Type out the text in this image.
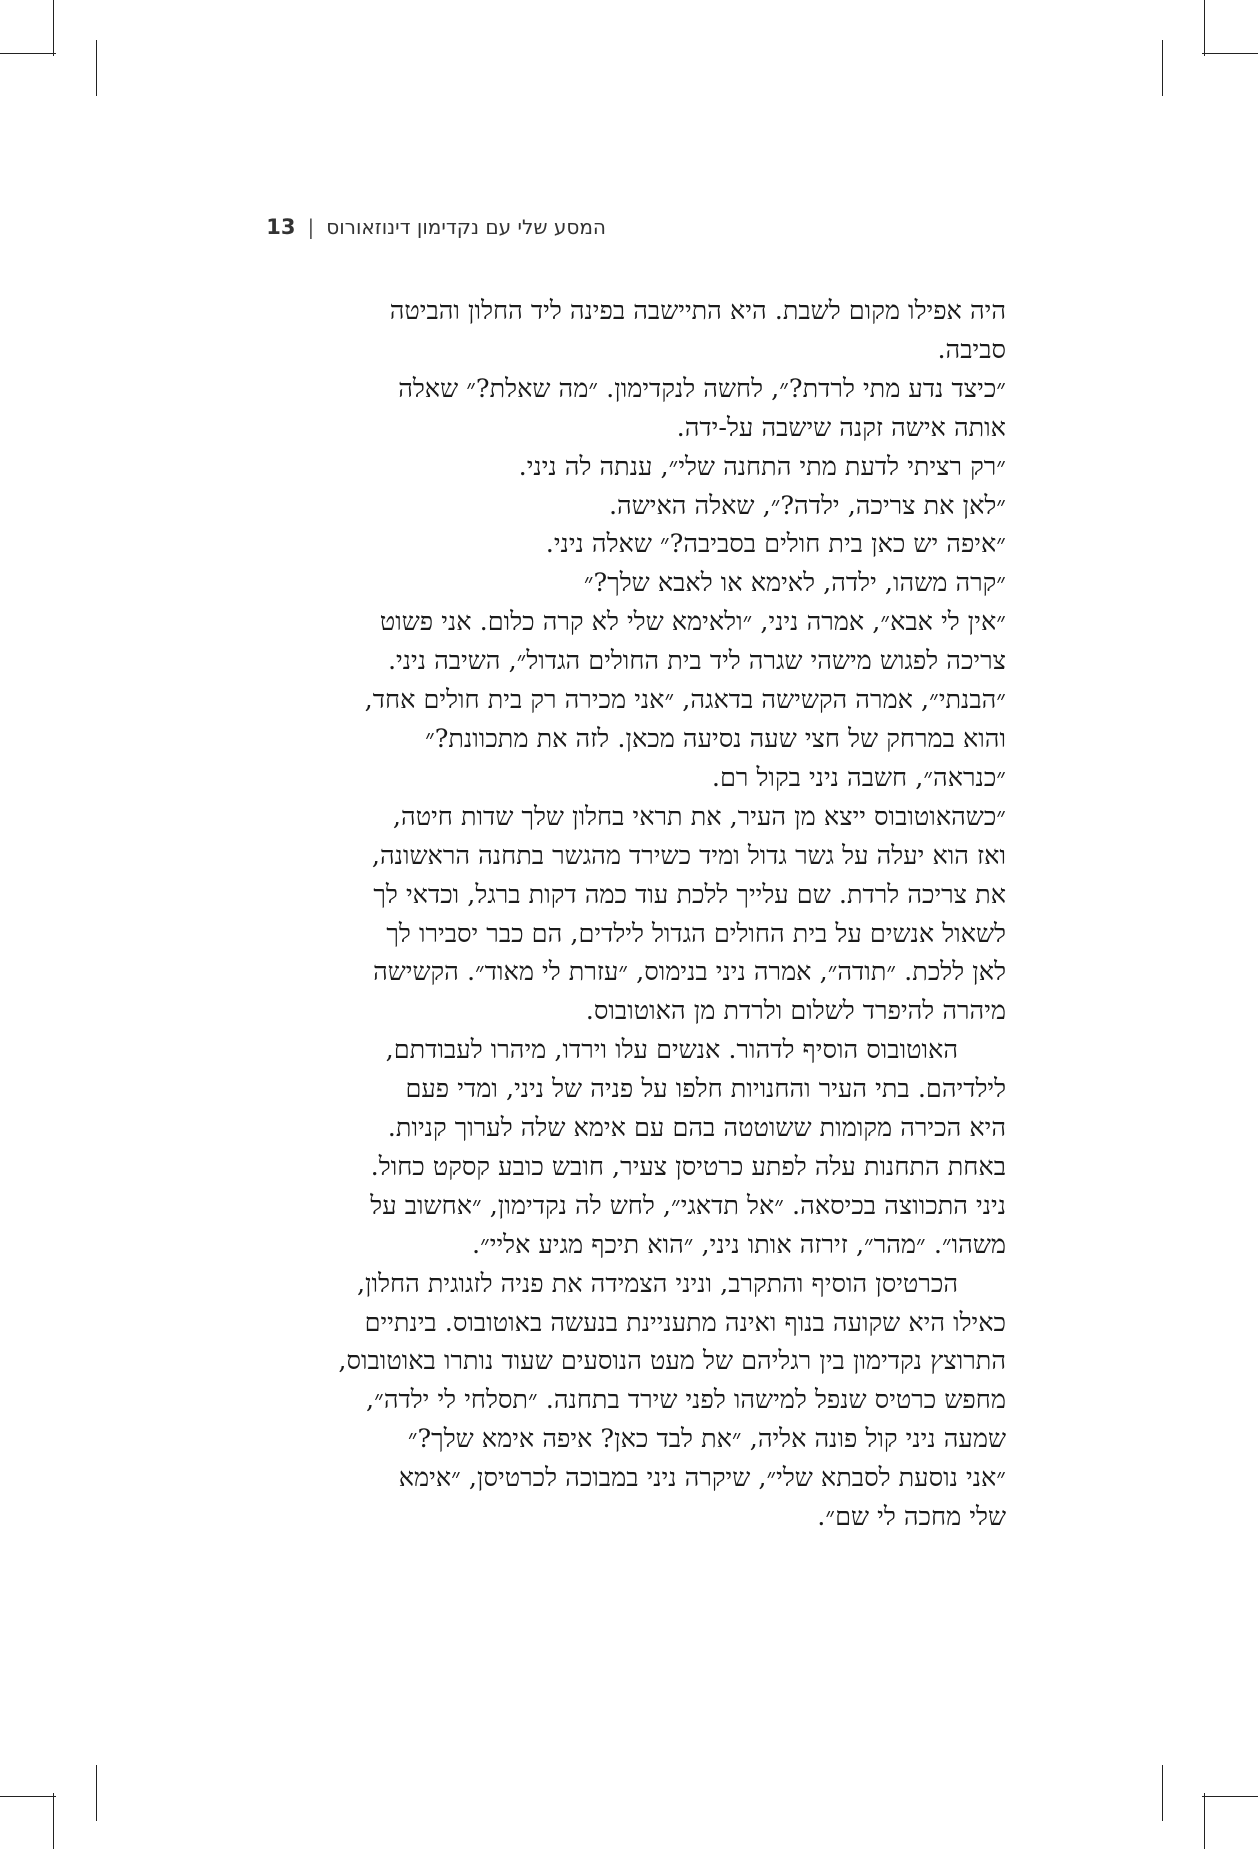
המסע שלי עם נקדימון דינוזאורוס
|
13

היה אפילו מקום לשבת. היא התיישבה בפינה ליד החלון והביטה
סביבה.

״כיצד נדע מתי לרדת?״, לחשה לנקדימון. ״מה שאלת?״ שאלה
אותה אישה זקנה שישבה על-ידה.

״רק רציתי לדעת מתי התחנה שלי״, ענתה לה ניני.

״לאן את צריכה, ילדה?״, שאלה האישה.

״איפה יש כאן בית חולים בסביבה?״ שאלה ניני.

״קרה משהו, ילדה, לאימא או לאבא שלך?״

״אין לי אבא״, אמרה ניני, ״ולאימא שלי לא קרה כלום. אני פשוט
צריכה לפגוש מישהי שגרה ליד בית החולים הגדול״, השיבה ניני.

״הבנתי״, אמרה הקשישה בדאגה, ״אני מכירה רק בית חולים אחד,
והוא במרחק של חצי שעה נסיעה מכאן. לזה את מתכוונת?״

״כנראה״, חשבה ניני בקול רם.

״כשהאוטובוס ייצא מן העיר, את תראי בחלון שלך שדות חיטה,
ואז הוא יעלה על גשר גדול ומיד כשירד מהגשר בתחנה הראשונה,
את צריכה לרדת. שם עלייך ללכת עוד כמה דקות ברגל, וכדאי לך
לשאול אנשים על בית החולים הגדול לילדים, הם כבר יסבירו לך
לאן ללכת. ״תודה״, אמרה ניני בנימוס, ״עזרת לי מאוד״. הקשישה
מיהרה להיפרד לשלום ולרדת מן האוטובוס.

האוטובוס הוסיף לדהור. אנשים עלו וירדו, מיהרו לעבודתם,
לילדיהם. בתי העיר והחנויות חלפו על פניה של ניני, ומדי פעם
היא הכירה מקומות ששוטטה בהם עם אימא שלה לערוך קניות.
באחת התחנות עלה לפתע כרטיסן צעיר, חובש כובע קסקט כחול.
ניני התכווצה בכיסאה. ״אל תדאגי״, לחש לה נקדימון, ״אחשוב על
משהו״. ״מהר״, זירזה אותו ניני, ״הוא תיכף מגיע אליי״.

הכרטיסן הוסיף והתקרב, וניני הצמידה את פניה לזגוגית החלון,
כאילו היא שקועה בנוף ואינה מתעניינת בנעשה באוטובוס. בינתיים
התרוצץ נקדימון בין רגליהם של מעט הנוסעים שעוד נותרו באוטובוס,
מחפש כרטיס שנפל למישהו לפני שירד בתחנה. ״תסלחי לי ילדה״,
שמעה ניני קול פונה אליה, ״את לבד כאן? איפה אימא שלך?״

״אני נוסעת לסבתא שלי״, שיקרה ניני במבוכה לכרטיסן, ״אימא
שלי מחכה לי שם״.
